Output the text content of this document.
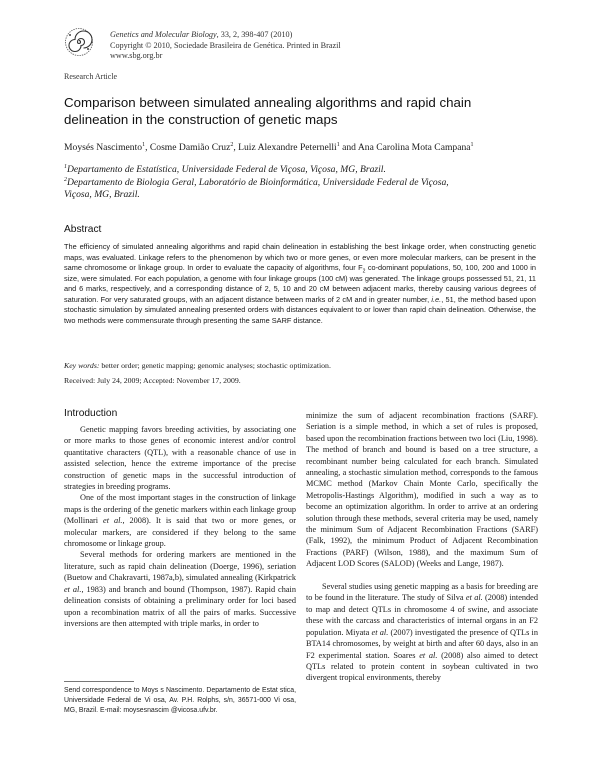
Genetics and Molecular Biology, 33, 2, 398-407 (2010)
Copyright © 2010, Sociedade Brasileira de Genética. Printed in Brazil
www.sbg.org.br
Research Article
Comparison between simulated annealing algorithms and rapid chain
delineation in the construction of genetic maps
Moysés Nascimento$^1$, Cosme Damião Cruz$^2$, Luiz Alexandre Peternelli$^1$ and Ana Carolina Mota Campana$^1$
$^1$Departamento de Estatística, Universidade Federal de Viçosa, Viçosa, MG, Brazil.
$^2$Departamento de Biologia Geral, Laboratório de Bioinformática, Universidade Federal de Viçosa,
Viçosa, MG, Brazil.
Abstract
The efficiency of simulated annealing algorithms and rapid chain delineation in establishing the best linkage order, when constructing genetic maps, was evaluated. Linkage refers to the phenomenon by which two or more genes, or even more molecular markers, can be present in the same chromosome or linkage group. In order to evaluate the capacity of algorithms, four $F_2$ co-dominant populations, 50, 100, 200 and 1000 in size, were simulated. For each population, a genome with four linkage groups (100 cM) was generated. The linkage groups possessed 51, 21, 11 and 6 marks, respectively, and a corresponding distance of 2, 5, 10 and 20 cM between adjacent marks, thereby causing various degrees of saturation. For very saturated groups, with an adjacent distance between marks of 2 cM and in greater number, i.e., 51, the method based upon stochastic simulation by simulated annealing presented orders with distances equivalent to or lower than rapid chain delineation. Otherwise, the two methods were commensurate through presenting the same SARF distance.
Key words: better order; genetic mapping; genomic analyses; stochastic optimization.
Received: July 24, 2009; Accepted: November 17, 2009.
Introduction

Genetic mapping favors breeding activities, by associating one or more marks to those genes of economic interest and/or control quantitative characters (QTL), with a reasonable chance of use in assisted selection, hence the extreme importance of the precise construction of genetic maps in the successful introduction of strategies in breeding programs.

One of the most important stages in the construction of linkage maps is the ordering of the genetic markers within each linkage group (Mollinari et al., 2008). It is said that two or more genes, or molecular markers, are considered if they belong to the same chromosome or linkage group.

Several methods for ordering markers are mentioned in the literature, such as rapid chain delineation (Doerge, 1996), seriation (Buetow and Chakravarti, 1987a,b), simulated annealing (Kirkpatrick et al., 1983) and branch and bound (Thompson, 1987). Rapid chain delineation consists of obtaining a preliminary order for loci based upon a recombination matrix of all the pairs of marks. Successive inversions are then attempted with triple marks, in order to

minimize the sum of adjacent recombination fractions (SARF). Seriation is a simple method, in which a set of rules is proposed, based upon the recombination fractions between two loci (Liu, 1998). The method of branch and bound is based on a tree structure, a recombinant number being calculated for each branch. Simulated annealing, a stochastic simulation method, corresponds to the famous MCMC method (Markov Chain Monte Carlo, specifically the Metropolis-Hastings Algorithm), modified in such a way as to become an optimization algorithm. In order to arrive at an ordering solution through these methods, several criteria may be used, namely the minimum Sum of Adjacent Recombination Fractions (SARF) (Falk, 1992), the minimum Product of Adjacent Recombination Fractions (PARF) (Wilson, 1988), and the maximum Sum of Adjacent LOD Scores (SALOD) (Weeks and Lange, 1987).

Several studies using genetic mapping as a basis for breeding are to be found in the literature. The study of Silva et al. (2008) intended to map and detect QTLs in chromosome 4 of swine, and associate these with the carcass and characteristics of internal organs in an F2 population. Miyata et al. (2007) investigated the presence of QTLs in BTA14 chromosomes, by weight at birth and after 60 days, also in an F2 experimental station. Soares et al. (2008) also aimed to detect QTLs related to protein content in soybean cultivated in two divergent tropical environments, thereby

Send correspondence to Moys s Nascimento. Departamento de Estat stica, Universidade Federal de Vi osa, Av. P.H. Rolphs, s/n, 36571-000 Vi osa, MG, Brazil. E-mail: moysesnascim @vicosa.ufv.br.
